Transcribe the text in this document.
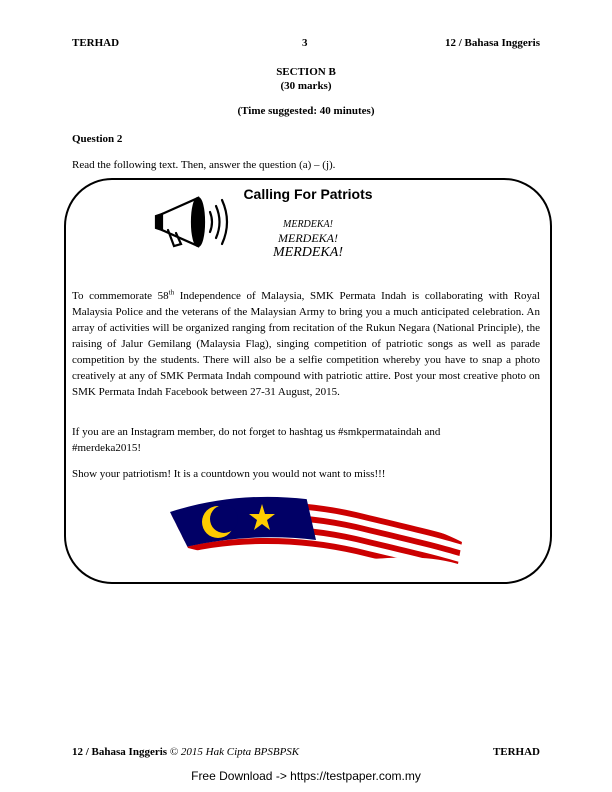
TERHAD	3	12 / Bahasa Inggeris
SECTION B
(30 marks)
(Time suggested: 40 minutes)
Question 2
Read the following text. Then, answer the question (a) – (j).
Calling For Patriots
MERDEKA!
MERDEKA!
MERDEKA!
To commemorate 58th Independence of Malaysia, SMK Permata Indah is collaborating with Royal Malaysia Police and the veterans of the Malaysian Army to bring you a much anticipated celebration. An array of activities will be organized ranging from recitation of the Rukun Negara (National Principle), the raising of Jalur Gemilang (Malaysia Flag), singing competition of patriotic songs as well as parade competition by the students. There will also be a selfie competition whereby you have to snap a photo creatively at any of SMK Permata Indah compound with patriotic attire. Post your most creative photo on SMK Permata Indah Facebook between 27-31 August, 2015.
If you are an Instagram member, do not forget to hashtag us #smkpermataindah and #merdeka2015!
Show your patriotism! It is a countdown you would not want to miss!!!
12 / Bahasa Inggeris © 2015 Hak Cipta BPSBPSK	TERHAD
Free Download -> https://testpaper.com.my
